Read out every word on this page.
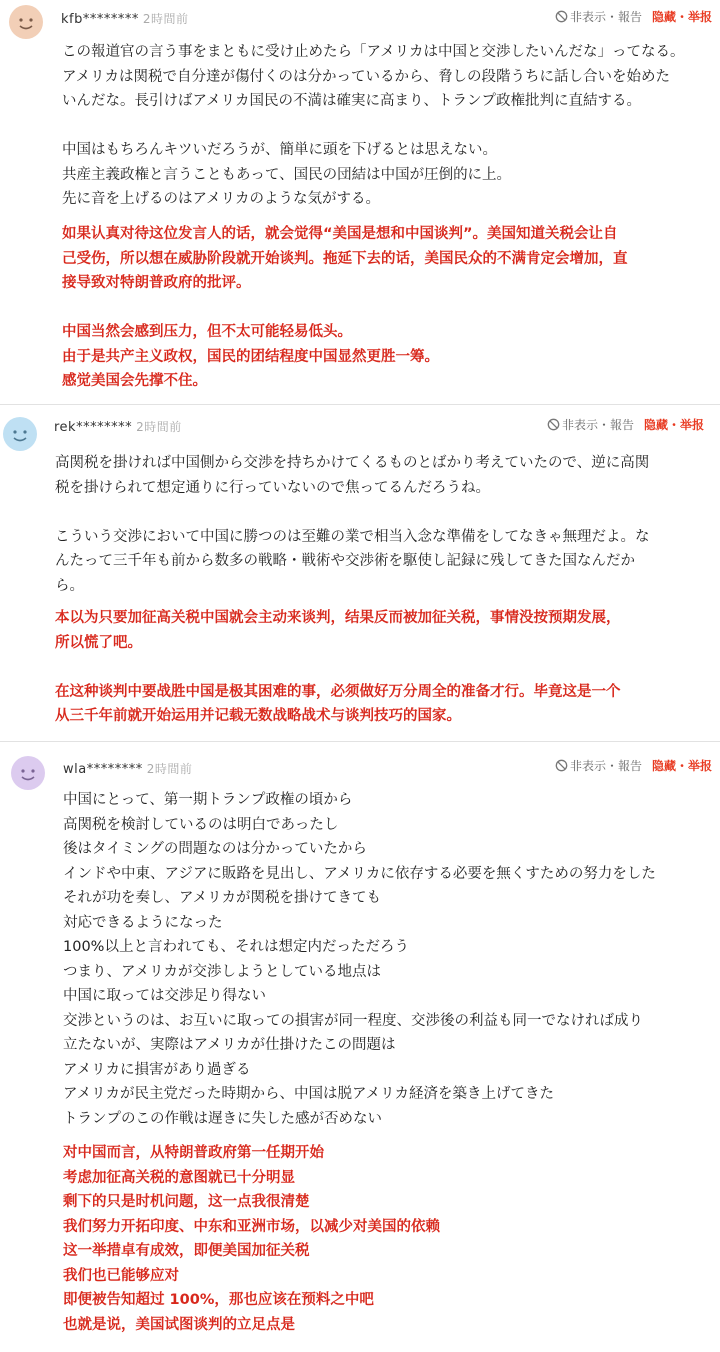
kfb******** 2時間前	非表示・報告 隐藏・举报
この報道官の言う事をまともに受け止めたら「アメリカは中国と交渉したいんだな」ってなる。
アメリカは関税で自分達が傷付くのは分かっているから、脅しの段階うちに話し合いを始めた
いんだな。長引けばアメリカ国民の不満は確実に高まり、トランプ政権批判に直結する。
中国はもちろんキツいだろうが、簡単に頭を下げるとは思えない。
共産主義政権と言うこともあって、国民の団結は中国が圧倒的に上。
先に音を上げるのはアメリカのような気がする。
如果认真对待这位发言人的话，就会觉得“美国是想和中国谈判”。美国知道关税会让自
己受伤，所以想在威胁阶段就开始谈判。拖延下去的话，美国民众的不满肯定会增加，直
接导致对特朗普政府的批评。
中国当然会感到压力，但不太可能轻易低头。
由于是共产主义政权，国民的团结程度中国显然更胜一筹。
感觉美国会先撑不住。
rek******** 2時間前	非表示・報告 隐藏・举报
高関税を掛ければ中国側から交渉を持ちかけてくるものとばかり考えていたので、逆に高関
税を掛けられて想定通りに行っていないので焦ってるんだろうね。
こういう交渉において中国に勝つのは至難の業で相当入念な準備をしてなきゃ無理だよ。な
んたって三千年も前から数多の戦略・戦術や交渉術を駆使し記録に残してきた国なんだか
ら。
本以为只要加征高关税中国就会主动来谈判，结果反而被加征关税，事情没按预期发展，
所以慌了吧。
在这种谈判中要战胜中国是极其困难的事，必须做好万分周全的准备才行。毕竟这是一个
从三千年前就开始运用并记载无数战略战术与谈判技巧的国家。
wla******** 2時間前	非表示・報告 隐藏・举报
中国にとって、第一期トランプ政権の頃から
高関税を検討しているのは明白であったし
後はタイミングの問題なのは分かっていたから
インドや中東、アジアに販路を見出し、アメリカに依存する必要を無くすための努力をした
それが功を奏し、アメリカが関税を掛けてきても
対応できるようになった
100%以上と言われても、それは想定内だっただろう
つまり、アメリカが交渉しようとしている地点は
中国に取っては交渉足り得ない
交渉というのは、お互いに取っての損害が同一程度、交渉後の利益も同一でなければ成り
立たないが、実際はアメリカが仕掛けたこの問題は
アメリカに損害があり過ぎる
アメリカが民主党だった時期から、中国は脱アメリカ経済を築き上げてきた
トランプのこの作戦は遅きに失した感が否めない
对中国而言，从特朗普政府第一任期开始
考虑加征高关税的意图就已十分明显
剩下的只是时机问题，这一点我很清楚
我们努力开拓印度、中东和亚洲市场，以减少对美国的依赖
这一举措卓有成效，即便美国加征关税
我们也已能够应对
即便被告知超过 100%，那也应该在预料之中吧
也就是说，美国试图谈判的立足点是
